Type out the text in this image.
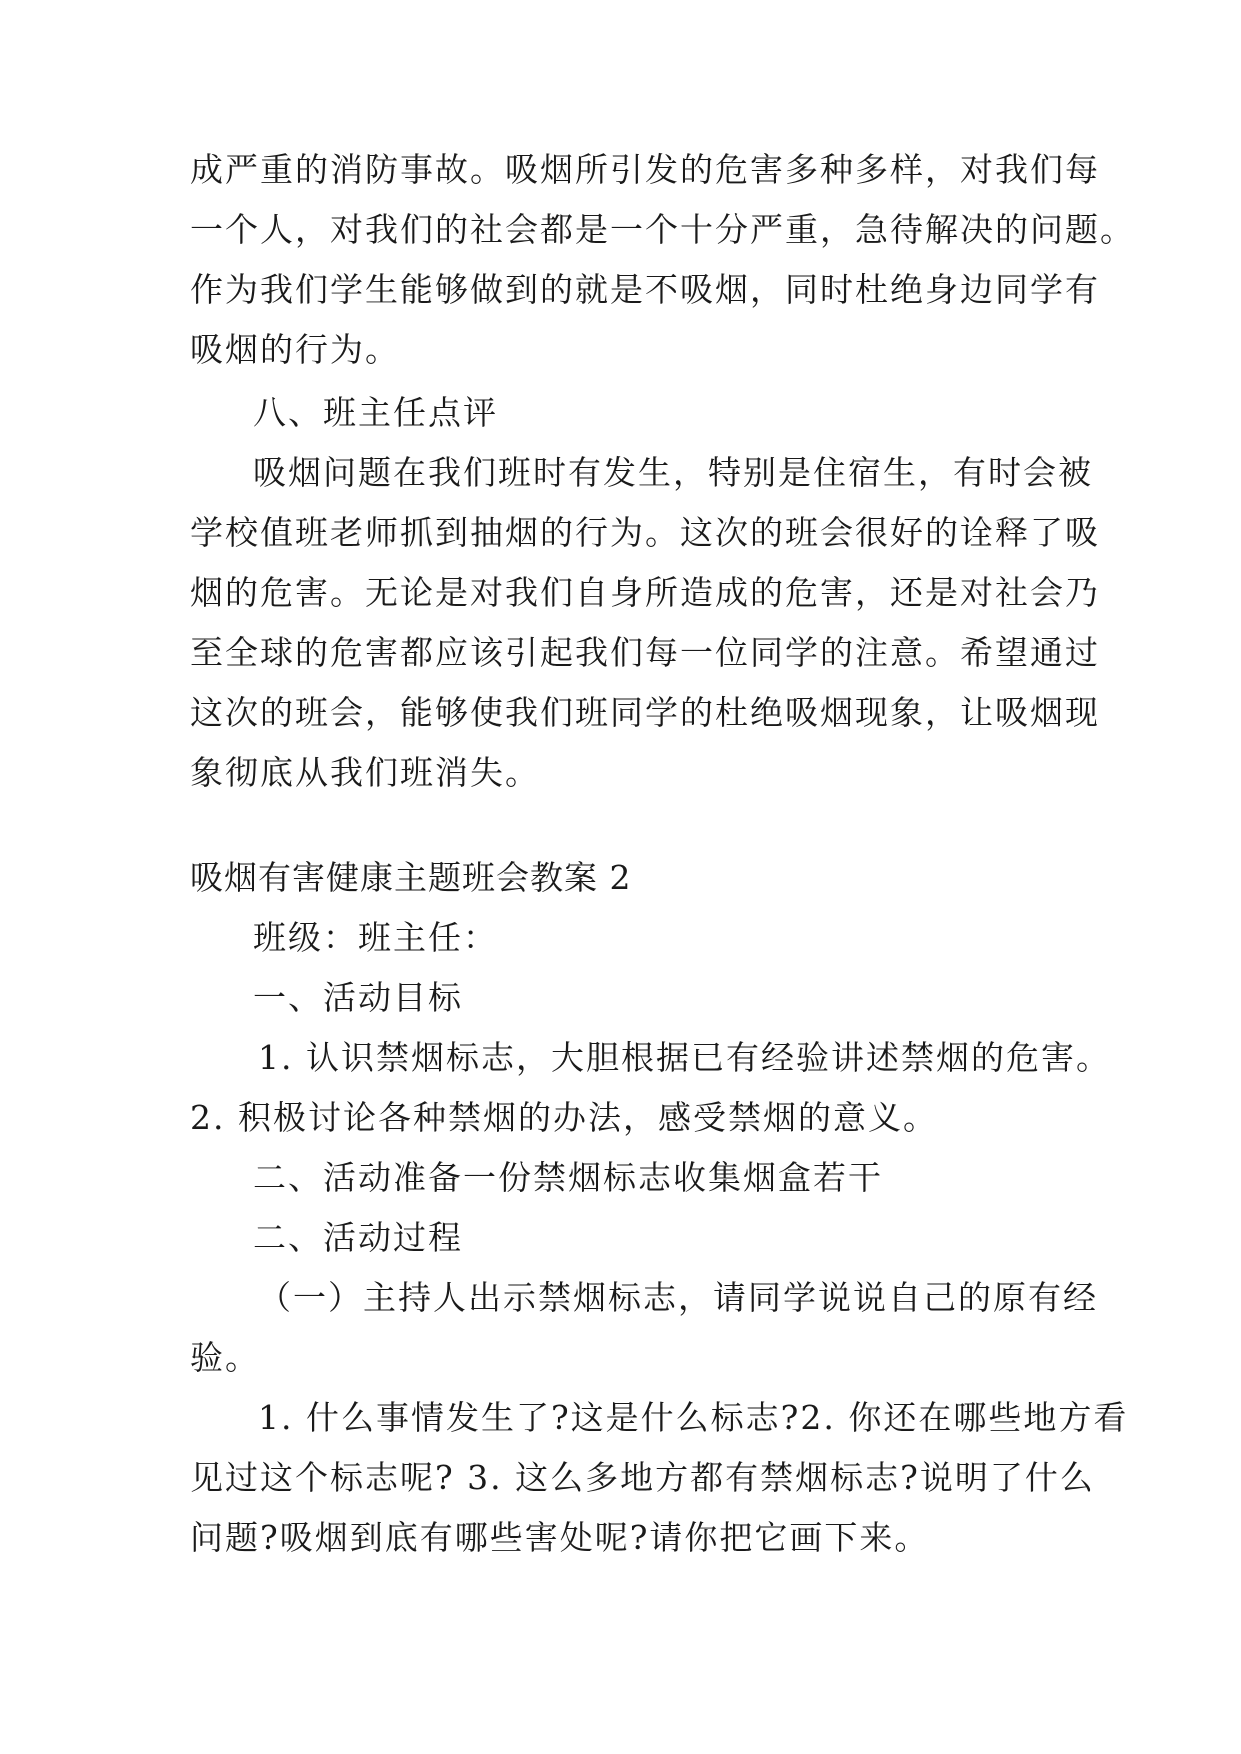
成严重的消防事故。吸烟所引发的危害多种多样，对我们每
一个人，对我们的社会都是一个十分严重，急待解决的问题。
作为我们学生能够做到的就是不吸烟，同时杜绝身边同学有
吸烟的行为。
八、班主任点评
吸烟问题在我们班时有发生，特别是住宿生，有时会被
学校值班老师抓到抽烟的行为。这次的班会很好的诠释了吸
烟的危害。无论是对我们自身所造成的危害，还是对社会乃
至全球的危害都应该引起我们每一位同学的注意。希望通过
这次的班会，能够使我们班同学的杜绝吸烟现象，让吸烟现
象彻底从我们班消失。
吸烟有害健康主题班会教案 2
班级：班主任：
一、活动目标
1. 认识禁烟标志，大胆根据已有经验讲述禁烟的危害。
2. 积极讨论各种禁烟的办法，感受禁烟的意义。
二、活动准备一份禁烟标志收集烟盒若干
二、活动过程
（一）主持人出示禁烟标志，请同学说说自己的原有经
验。
1. 什么事情发生了?这是什么标志?2. 你还在哪些地方看
见过这个标志呢? 3. 这么多地方都有禁烟标志?说明了什么
问题?吸烟到底有哪些害处呢?请你把它画下来。
